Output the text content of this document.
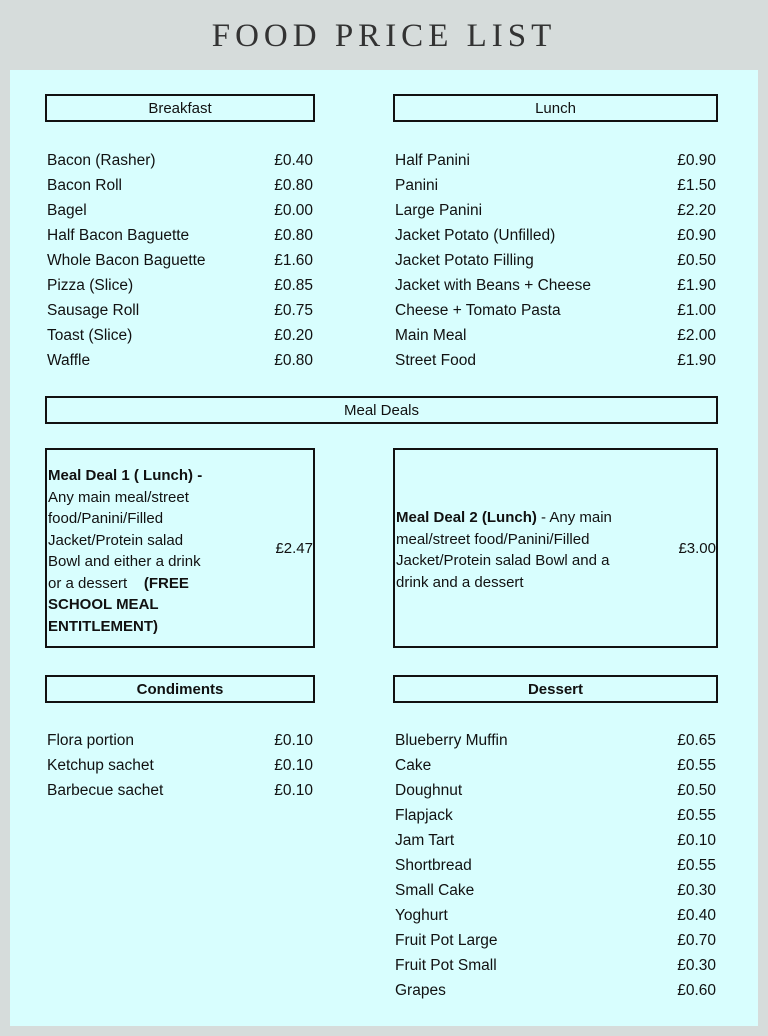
FOOD PRICE LIST
Breakfast
Bacon (Rasher)	£0.40
Bacon Roll	£0.80
Bagel	£0.00
Half Bacon Baguette	£0.80
Whole Bacon Baguette	£1.60
Pizza (Slice)	£0.85
Sausage Roll	£0.75
Toast (Slice)	£0.20
Waffle	£0.80
Lunch
Half Panini	£0.90
Panini	£1.50
Large Panini	£2.20
Jacket Potato (Unfilled)	£0.90
Jacket Potato Filling	£0.50
Jacket with Beans + Cheese	£1.90
Cheese + Tomato Pasta	£1.00
Main Meal	£2.00
Street Food	£1.90
Meal Deals
Meal Deal 1 ( Lunch) -
Any main meal/street
food/Panini/Filled
Jacket/Protein salad
Bowl and either a drink
or a dessert (FREE
SCHOOL MEAL
ENTITLEMENT)
£2.47
Meal Deal 2 (Lunch) - Any main
meal/street food/Panini/Filled
Jacket/Protein salad Bowl and a
drink and a dessert
£3.00
Condiments
Flora portion	£0.10
Ketchup sachet	£0.10
Barbecue sachet	£0.10
Dessert
Blueberry Muffin	£0.65
Cake	£0.55
Doughnut	£0.50
Flapjack	£0.55
Jam Tart	£0.10
Shortbread	£0.55
Small Cake	£0.30
Yoghurt	£0.40
Fruit Pot Large	£0.70
Fruit Pot Small	£0.30
Grapes	£0.60
